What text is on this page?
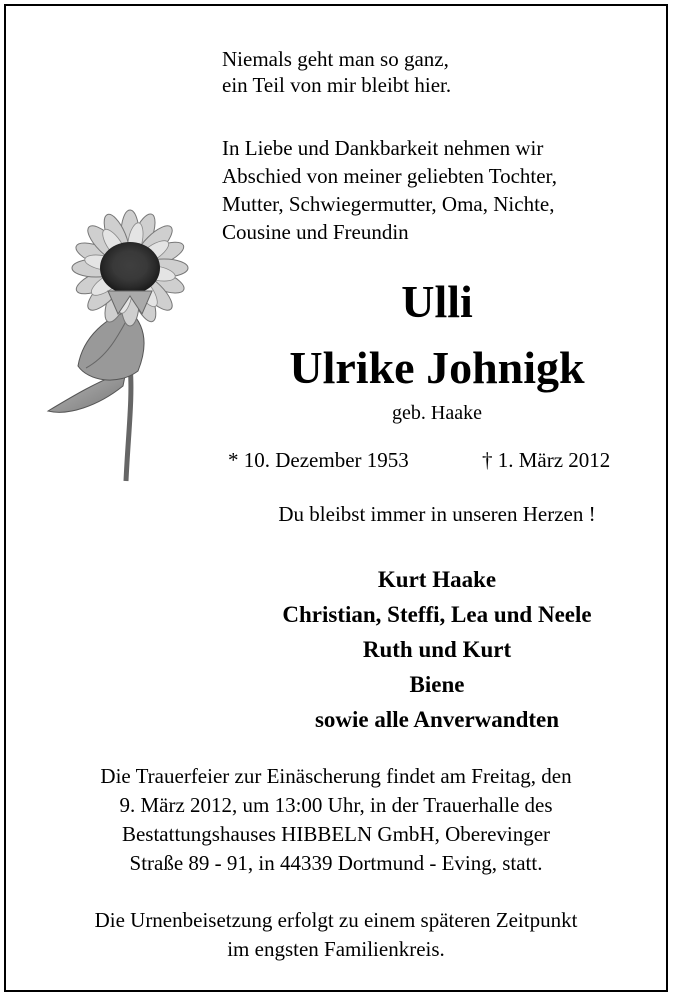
Niemals geht man so ganz,
ein Teil von mir bleibt hier.
In Liebe und Dankbarkeit nehmen wir
Abschied von meiner geliebten Tochter,
Mutter, Schwiegermutter, Oma, Nichte,
Cousine und Freundin
Ulli
Ulrike Johnigk
geb. Haake
* 10. Dezember 1953	† 1. März 2012
Du bleibst immer in unseren Herzen !
Kurt Haake
Christian, Steffi, Lea und Neele
Ruth und Kurt
Biene
sowie alle Anverwandten
Die Trauerfeier zur Einäscherung findet am Freitag, den
9. März 2012, um 13:00 Uhr, in der Trauerhalle des
Bestattungshauses HIBBELN GmbH, Oberevinger
Straße 89 - 91, in 44339 Dortmund - Eving, statt.
Die Urnenbeisetzung erfolgt zu einem späteren Zeitpunkt
im engsten Familienkreis.
